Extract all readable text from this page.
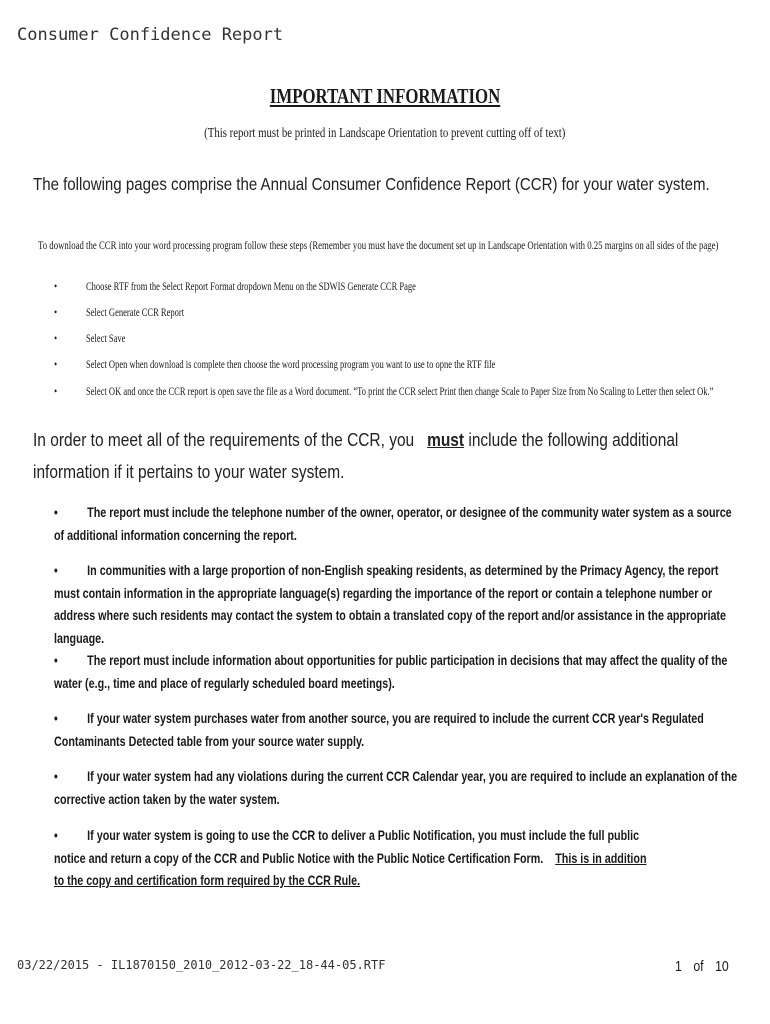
Consumer Confidence Report
IMPORTANT INFORMATION
(This report must be printed in Landscape Orientation to prevent cutting off of text)
The following pages comprise the Annual Consumer Confidence Report (CCR) for your water system.
To download the CCR into your word processing program follow these steps (Remember you must have the document set up in Landscape Orientation with 0.25 margins on all sides of the page)
•	Choose RTF from the Select Report Format dropdown Menu on the SDWIS Generate CCR Page
•	Select Generate CCR Report
•	Select Save
•	Select Open when download is complete then choose the word processing program you want to use to opne the RTF file
•	Select OK and once the CCR report is open save the file as a Word document. “To print the CCR select Print then change Scale to Paper Size from No Scaling to Letter then select Ok.”
In order to meet all of the requirements of the CCR, you must include the following additional
information if it pertains to your water system.
• The report must include the telephone number of the owner, operator, or designee of the community water system as a source
of additional information concerning the report.
• In communities with a large proportion of non-English speaking residents, as determined by the Primacy Agency, the report
must contain information in the appropriate language(s) regarding the importance of the report or contain a telephone number or
address where such residents may contact the system to obtain a translated copy of the report and/or assistance in the appropriate
language.
• The report must include information about opportunities for public participation in decisions that may affect the quality of the
water (e.g., time and place of regularly scheduled board meetings).
• If your water system purchases water from another source, you are required to include the current CCR year's Regulated
Contaminants Detected table from your source water supply.
• If your water system had any violations during the current CCR Calendar year, you are required to include an explanation of the
corrective action taken by the water system.
• If your water system is going to use the CCR to deliver a Public Notification, you must include the full public
notice and return a copy of the CCR and Public Notice with the Public Notice Certification Form. This is in addition
to the copy and certification form required by the CCR Rule.
03/22/2015 - IL1870150_2010_2012-03-22_18-44-05.RTF	1 of 10
